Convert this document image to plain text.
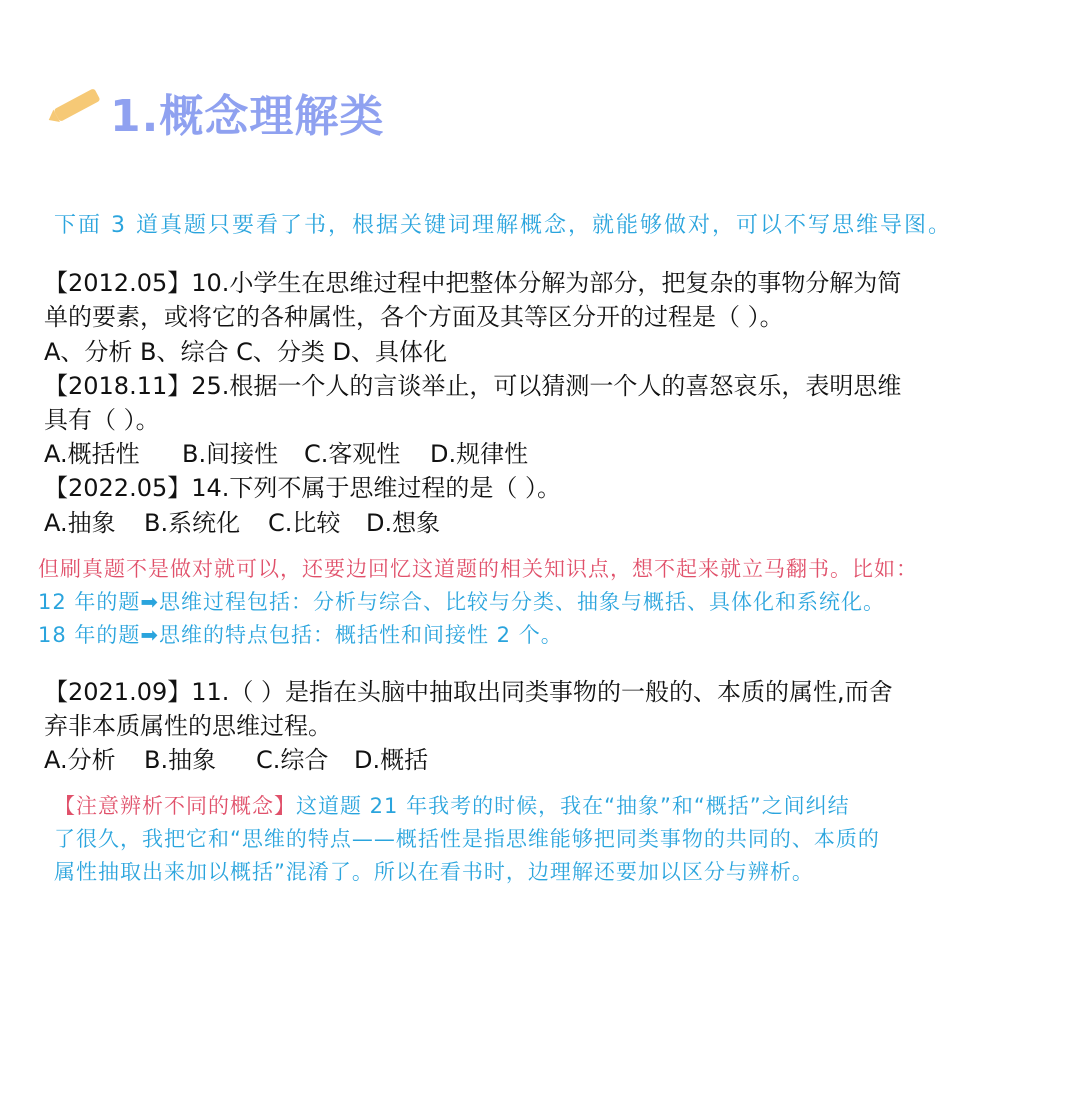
1.概念理解类
下面 3 道真题只要看了书，根据关键词理解概念，就能够做对，可以不写思维导图。
【2012.05】10.小学生在思维过程中把整体分解为部分，把复杂的事物分解为简
单的要素，或将它的各种属性，各个方面及其等区分开的过程是（ ）。
A、分析 B、综合 C、分类 D、具体化
【2018.11】25.根据一个人的言谈举止，可以猜测一个人的喜怒哀乐，表明思维
具有（ ）。
A.概括性 B.间接性 C.客观性 D.规律性
【2022.05】14.下列不属于思维过程的是（ ）。
A.抽象 B.系统化 C.比较 D.想象
但刷真题不是做对就可以，还要边回忆这道题的相关知识点，想不起来就立马翻书。比如：
12 年的题➡思维过程包括：分析与综合、比较与分类、抽象与概括、具体化和系统化。
18 年的题➡思维的特点包括：概括性和间接性 2 个。
【2021.09】11.（ ）是指在头脑中抽取出同类事物的一般的、本质的属性,而舍
弃非本质属性的思维过程。
A.分析 B.抽象 C.综合 D.概括
【注意辨析不同的概念】这道题 21 年我考的时候，我在“抽象”和“概括”之间纠结
了很久，我把它和“思维的特点——概括性是指思维能够把同类事物的共同的、本质的
属性抽取出来加以概括”混淆了。所以在看书时，边理解还要加以区分与辨析。
